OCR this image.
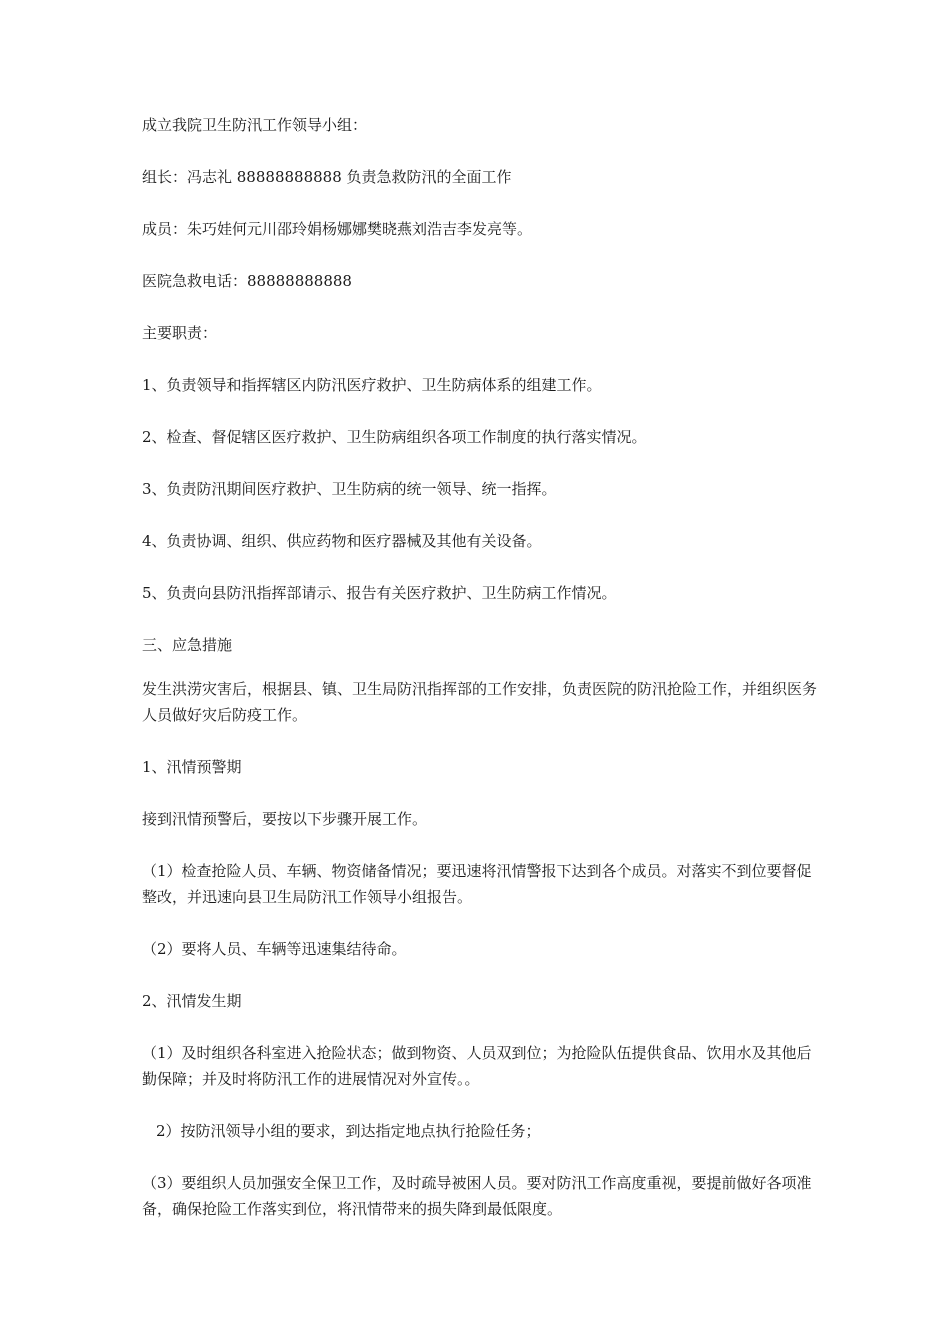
成立我院卫生防汛工作领导小组：

组长：冯志礼 88888888888 负责急救防汛的全面工作

成员：朱巧娃何元川邵玲娟杨娜娜樊晓燕刘浩吉李发亮等。

医院急救电话：88888888888

主要职责：

1、负责领导和指挥辖区内防汛医疗救护、卫生防病体系的组建工作。

2、检查、督促辖区医疗救护、卫生防病组织各项工作制度的执行落实情况。

3、负责防汛期间医疗救护、卫生防病的统一领导、统一指挥。

4、负责协调、组织、供应药物和医疗器械及其他有关设备。

5、负责向县防汛指挥部请示、报告有关医疗救护、卫生防病工作情况。

三、应急措施

发生洪涝灾害后，根据县、镇、卫生局防汛指挥部的工作安排，负责医院的防汛抢险工作，并组织医务人员做好灾后防疫工作。

1、汛情预警期

接到汛情预警后，要按以下步骤开展工作。

（1）检查抢险人员、车辆、物资储备情况；要迅速将汛情警报下达到各个成员。对落实不到位要督促整改，并迅速向县卫生局防汛工作领导小组报告。

（2）要将人员、车辆等迅速集结待命。

2、汛情发生期

（1）及时组织各科室进入抢险状态；做到物资、人员双到位；为抢险队伍提供食品、饮用水及其他后勤保障；并及时将防汛工作的进展情况对外宣传。。

2）按防汛领导小组的要求，到达指定地点执行抢险任务；

（3）要组织人员加强安全保卫工作，及时疏导被困人员。要对防汛工作高度重视，要提前做好各项准备，确保抢险工作落实到位，将汛情带来的损失降到最低限度。
